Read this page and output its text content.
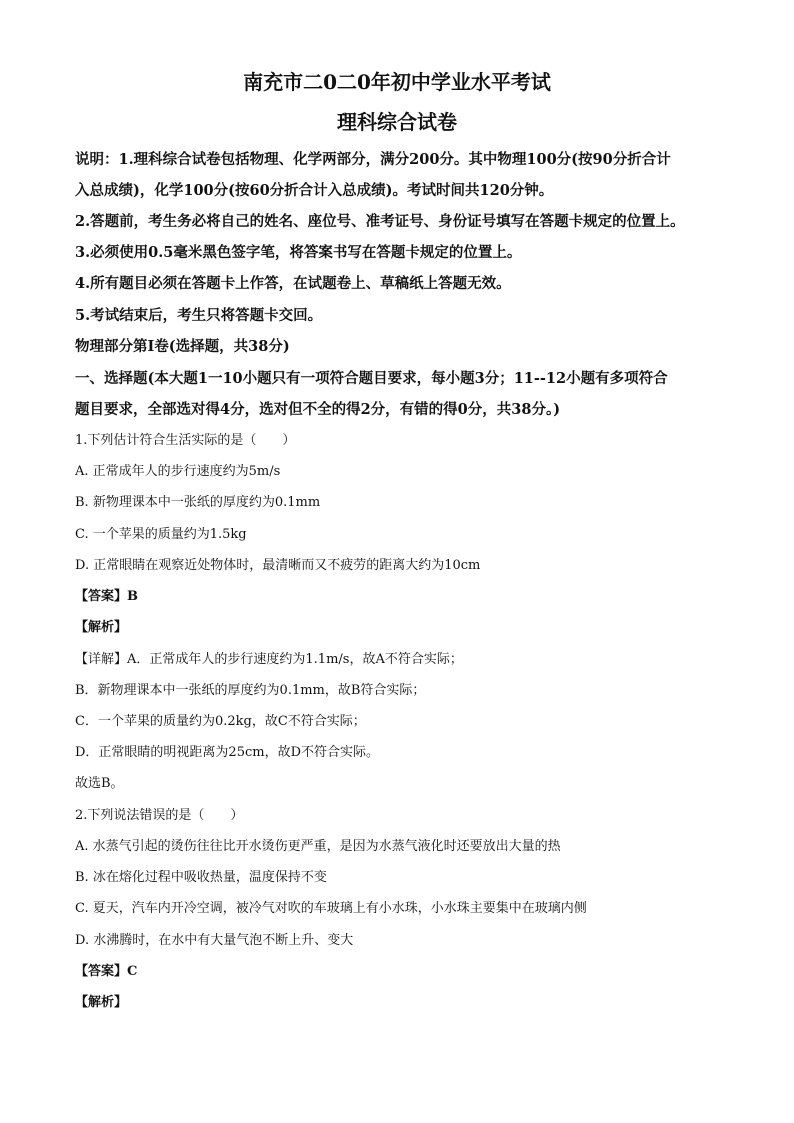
南充市二0二0年初中学业水平考试
理科综合试卷
说明：1.理科综合试卷包括物理、化学两部分，满分200分。其中物理100分(按90分折合计
入总成绩)，化学100分(按60分折合计入总成绩)。考试时间共120分钟。
2.答题前，考生务必将自己的姓名、座位号、准考证号、身份证号填写在答题卡规定的位置上。
3.必须使用0.5毫米黑色签字笔，将答案书写在答题卡规定的位置上。
4.所有题目必须在答题卡上作答，在试题卷上、草稿纸上答题无效。
5.考试结束后，考生只将答题卡交回。
物理部分第Ⅰ卷(选择题，共38分)
一、选择题(本大题1一10小题只有一项符合题目要求，每小题3分；11--12小题有多项符合
题目要求，全部选对得4分，选对但不全的得2分，有错的得0分，共38分。)
1.下列估计符合生活实际的是（　　）
A. 正常成年人的步行速度约为5m/s
B. 新物理课本中一张纸的厚度约为0.1mm
C. 一个苹果的质量约为1.5kg
D. 正常眼睛在观察近处物体时，最清晰而又不疲劳的距离大约为10cm
【答案】B
【解析】
【详解】A．正常成年人的步行速度约为1.1m/s，故A不符合实际；
B．新物理课本中一张纸的厚度约为0.1mm，故B符合实际；
C．一个苹果的质量约为0.2kg，故C不符合实际；
D．正常眼睛的明视距离为25cm，故D不符合实际。
故选B。
2.下列说法错误的是（　　）
A. 水蒸气引起的烫伤往往比开水烫伤更严重，是因为水蒸气液化时还要放出大量的热
B. 冰在熔化过程中吸收热量，温度保持不变
C. 夏天，汽车内开冷空调，被冷气对吹的车玻璃上有小水珠，小水珠主要集中在玻璃内侧
D. 水沸腾时，在水中有大量气泡不断上升、变大
【答案】C
【解析】
